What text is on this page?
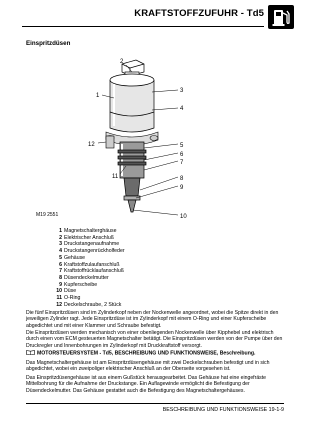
KRAFTSTOFFZUFUHR - Td5
Einspritzdüsen
1
2
3
4
5
6
7
8
9
10
11
12
M19 2551
1 Magnetschalterghäuse
2 Elektrischer Anschluß
3 Druckstangenaufnahme
4 Druckstangenrückholfeder
5 Gehäuse
6 Kraftstoffzulaufanschluß
7 Kraftstoffrücklaufanschluß
8 Düsendeckelmutter
9 Kupferscheibe
10 Düse
11 O-Ring
12 Deckelschraube, 2 Stück

Die fünf Einspritzdüsen sind im Zylinderkopf neben der Nockenwelle angeordnet, wobei die Spitze direkt in den jeweiligen Zylinder ragt. Jede Einspritzdüse ist im Zylinderkopf mit einem O-Ring und einer Kupferscheibe abgedichtet und mit einer Klammer und Schraube befestigt.

Die Einspritzdüsen werden mechanisch von einer obenliegenden Nockenwelle über Kipphebel und elektrisch durch einen vom ECM gesteuerten Magnetschalter betätigt. Die Einspritzdüsen werden von der Pumpe über den Druckregler und Innenbohrungen im Zylinderkopf mit Druckkraftstoff versorgt.

MOTORSTEUERSYSTEM - Td5, BESCHREIBUNG UND FUNKTIONSWEISE, Beschreibung.

Das Magnetschaltergehäuse ist am Einspritzdüsengehäuse mit zwei Deckelschrauben befestigt und in sich abgedichtet, wobei ein zweipoliger elektrischer Anschluß an der Oberseite vorgesehen ist.

Das Einspritzdüsengehäuse ist aus einem Gußstück herausgearbeitet. Das Gehäuse hat eine eingefräste Mittelbohrung für die Aufnahme der Druckstange. Ein Auflagewinde ermöglicht die Befestigung der Düsendeckelmutter. Das Gehäuse gestattet auch die Befestigung des Magnetschaltergehäuses.

BESCHREIBUNG UND FUNKTIONSWEISE 19-1-9
